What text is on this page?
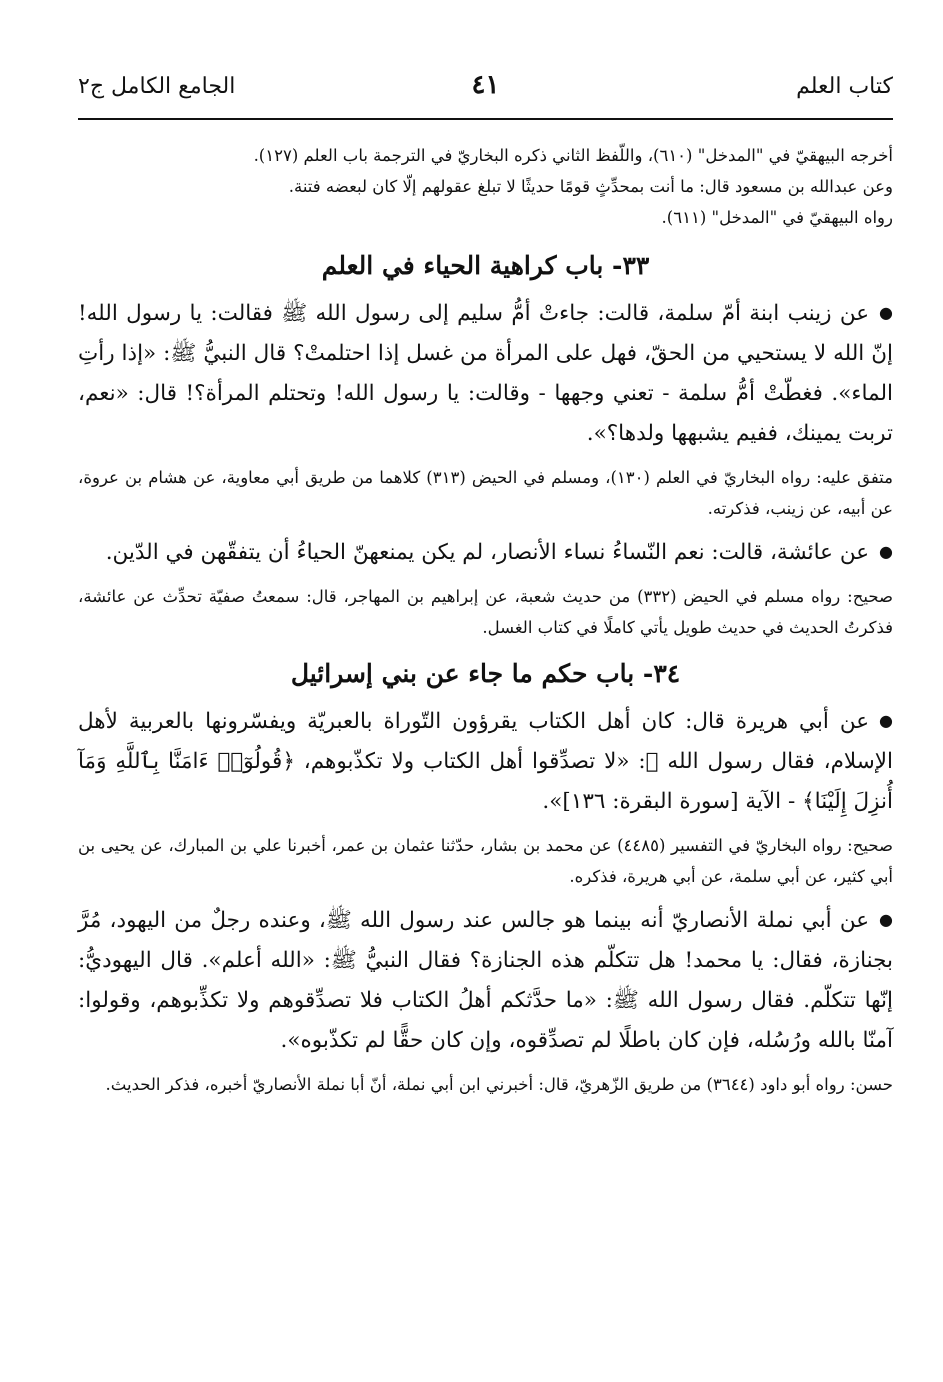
كتاب العلم
٤١
الجامع الكامل ج٢

أخرجه البيهقيّ في "المدخل" (٦١٠)، واللّفظ الثاني ذكره البخاريّ في الترجمة باب العلم (١٢٧).

وعن عبدالله بن مسعود قال: ما أنت بمحدِّثٍ قومًا حديثًا لا تبلغ عقولهم إلّا كان لبعضه فتنة.

رواه البيهقيّ في "المدخل" (٦١١).

٣٣- باب كراهية الحياء في العلم

●عن زينب ابنة أمّ سلمة، قالت: جاءتْ أمُّ سليم إلى رسول الله ﷺ فقالت: يا رسول الله! إنّ الله لا يستحيي من الحقّ، فهل على المرأة من غسل إذا احتلمتْ؟ قال النبيُّ ﷺ: «إذا رأتِ الماء». فغطّتْ أمُّ سلمة - تعني وجهها - وقالت: يا رسول الله! وتحتلم المرأة؟! قال: «نعم، تربت يمينك، ففيم يشبهها ولدها؟».

متفق عليه: رواه البخاريّ في العلم (١٣٠)، ومسلم في الحيض (٣١٣) كلاهما من طريق أبي معاوية، عن هشام بن عروة، عن أبيه، عن زينب، فذكرته.

●عن عائشة، قالت: نعم النّساءُ نساء الأنصار، لم يكن يمنعهنّ الحياءُ أن يتفقّهن في الدّين.

صحيح: رواه مسلم في الحيض (٣٣٢) من حديث شعبة، عن إبراهيم بن المهاجر، قال: سمعتُ صفيّة تحدِّث عن عائشة، فذكرتُ الحديث في حديث طويل يأتي كاملًا في كتاب الغسل.

٣٤- باب حكم ما جاء عن بني إسرائيل

●عن أبي هريرة قال: كان أهل الكتاب يقرؤون التّوراة بالعبريّة ويفسّرونها بالعربية لأهل الإسلام، فقال رسول الله ﷺ: «لا تصدِّقوا أهل الكتاب ولا تكذّبوهم، ﴿قُولُوٓا۟ ءَامَنَّا بِٱللَّهِ وَمَآ أُنزِلَ إِلَيْنَا﴾ - الآية [سورة البقرة: ١٣٦]».

صحيح: رواه البخاريّ في التفسير (٤٤٨٥) عن محمد بن بشار، حدّثنا عثمان بن عمر، أخبرنا علي بن المبارك، عن يحيى بن أبي كثير، عن أبي سلمة، عن أبي هريرة، فذكره.

●عن أبي نملة الأنصاريّ أنه بينما هو جالس عند رسول الله ﷺ، وعنده رجلٌ من اليهود، مُرَّ بجنازة، فقال: يا محمد! هل تتكلّم هذه الجنازة؟ فقال النبيُّ ﷺ: «الله أعلم». قال اليهوديُّ: إنّها تتكلّم. فقال رسول الله ﷺ: «ما حدَّثكم أهلُ الكتاب فلا تصدِّقوهم ولا تكذِّبوهم، وقولوا: آمنّا بالله ورُسُله، فإن كان باطلًا لم تصدِّقوه، وإن كان حقًّا لم تكذّبوه».

حسن: رواه أبو داود (٣٦٤٤) من طريق الزّهريّ، قال: أخبرني ابن أبي نملة، أنّ أبا نملة الأنصاريّ أخبره، فذكر الحديث.
